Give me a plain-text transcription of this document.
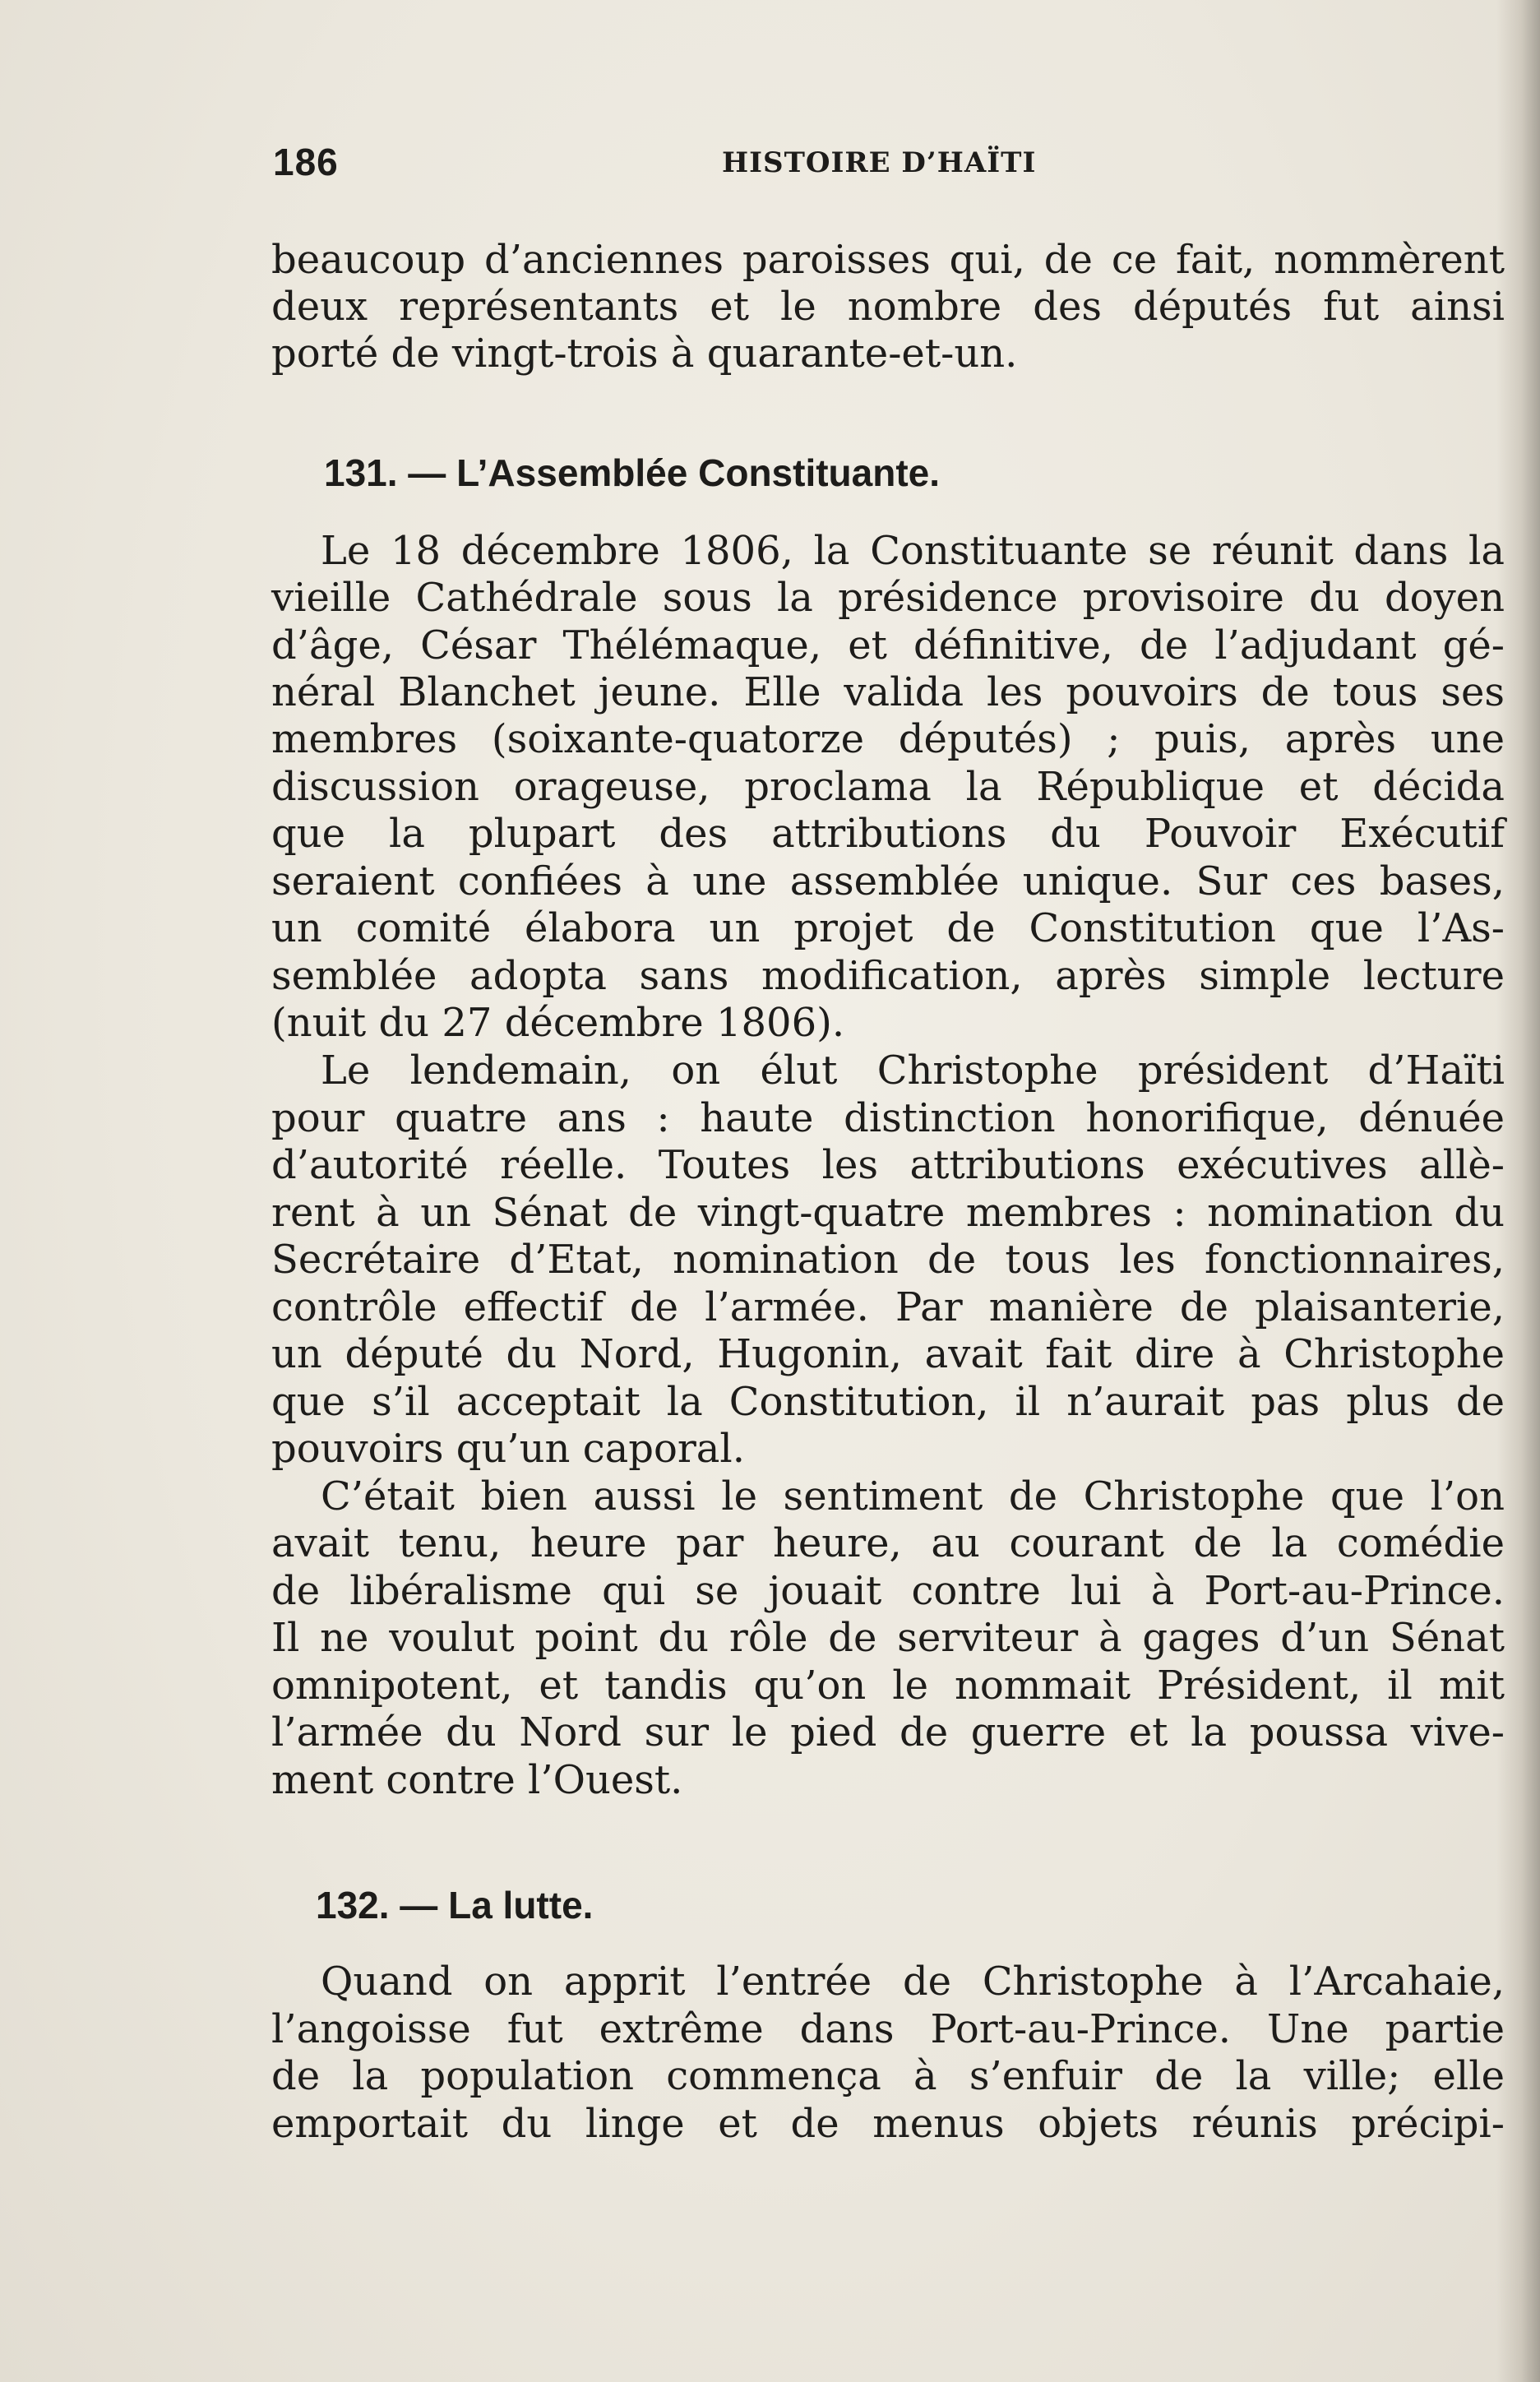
186	HISTOIRE D’HAÏTI
beaucoup d’anciennes paroisses qui, de ce fait, nommèrent
deux représentants et le nombre des députés fut ainsi
porté de vingt-trois à quarante-et-un.
131. — L’Assemblée Constituante.
Le 18 décembre 1806, la Constituante se réunit dans la
vieille Cathédrale sous la présidence provisoire du doyen
d’âge, César Thélémaque, et définitive, de l’adjudant gé-
néral Blanchet jeune. Elle valida les pouvoirs de tous ses
membres (soixante-quatorze députés) ; puis, après une
discussion orageuse, proclama la République et décida
que la plupart des attributions du Pouvoir Exécutif
seraient confiées à une assemblée unique. Sur ces bases,
un comité élabora un projet de Constitution que l’As-
semblée adopta sans modification, après simple lecture
(nuit du 27 décembre 1806).
Le lendemain, on élut Christophe président d’Haïti
pour quatre ans : haute distinction honorifique, dénuée
d’autorité réelle. Toutes les attributions exécutives allè-
rent à un Sénat de vingt-quatre membres : nomination du
Secrétaire d’Etat, nomination de tous les fonctionnaires,
contrôle effectif de l’armée. Par manière de plaisanterie,
un député du Nord, Hugonin, avait fait dire à Christophe
que s’il acceptait la Constitution, il n’aurait pas plus de
pouvoirs qu’un caporal.
C’était bien aussi le sentiment de Christophe que l’on
avait tenu, heure par heure, au courant de la comédie
de libéralisme qui se jouait contre lui à Port-au-Prince.
Il ne voulut point du rôle de serviteur à gages d’un Sénat
omnipotent, et tandis qu’on le nommait Président, il mit
l’armée du Nord sur le pied de guerre et la poussa vive-
ment contre l’Ouest.
132. — La lutte.
Quand on apprit l’entrée de Christophe à l’Arcahaie,
l’angoisse fut extrême dans Port-au-Prince. Une partie
de la population commença à s’enfuir de la ville; elle
emportait du linge et de menus objets réunis précipi-
